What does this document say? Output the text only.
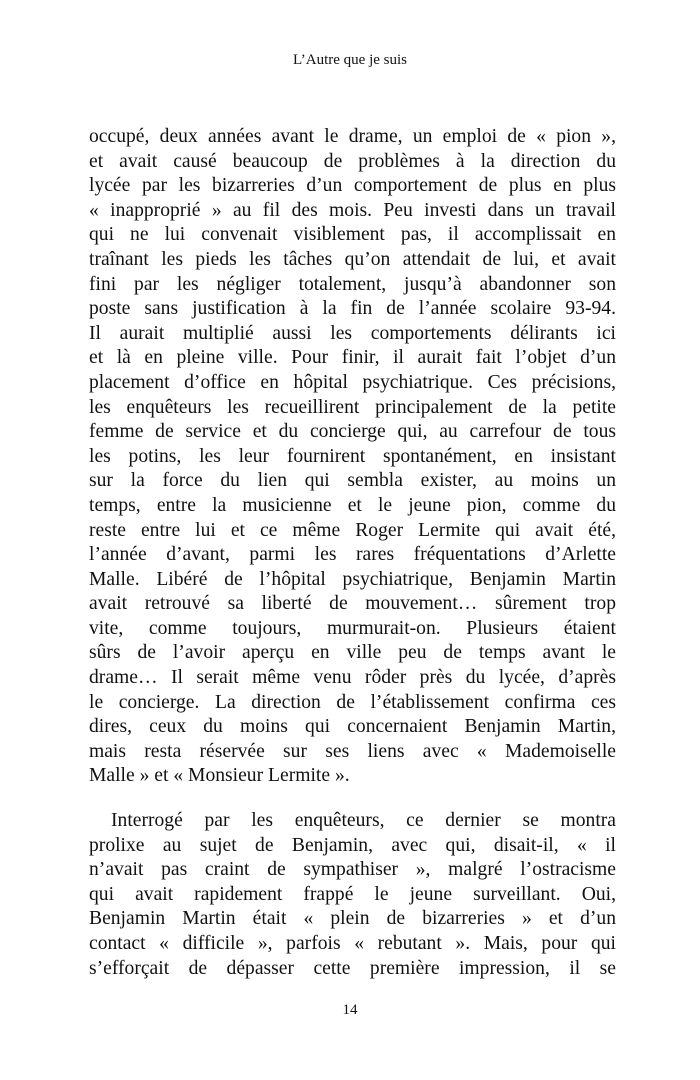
L’Autre que je suis
occupé, deux années avant le drame, un emploi de « pion »,
et avait causé beaucoup de problèmes à la direction du
lycée par les bizarreries d’un comportement de plus en plus
« inapproprié » au fil des mois. Peu investi dans un travail
qui ne lui convenait visiblement pas, il accomplissait en
traînant les pieds les tâches qu’on attendait de lui, et avait
fini par les négliger totalement, jusqu’à abandonner son
poste sans justification à la fin de l’année scolaire 93-94.
Il aurait multiplié aussi les comportements délirants ici
et là en pleine ville. Pour finir, il aurait fait l’objet d’un
placement d’office en hôpital psychiatrique. Ces précisions,
les enquêteurs les recueillirent principalement de la petite
femme de service et du concierge qui, au carrefour de tous
les potins, les leur fournirent spontanément, en insistant
sur la force du lien qui sembla exister, au moins un
temps, entre la musicienne et le jeune pion, comme du
reste entre lui et ce même Roger Lermite qui avait été,
l’année d’avant, parmi les rares fréquentations d’Arlette
Malle. Libéré de l’hôpital psychiatrique, Benjamin Martin
avait retrouvé sa liberté de mouvement… sûrement trop
vite, comme toujours, murmurait-on. Plusieurs étaient
sûrs de l’avoir aperçu en ville peu de temps avant le
drame… Il serait même venu rôder près du lycée, d’après
le concierge. La direction de l’établissement confirma ces
dires, ceux du moins qui concernaient Benjamin Martin,
mais resta réservée sur ses liens avec « Mademoiselle
Malle » et « Monsieur Lermite ».
Interrogé par les enquêteurs, ce dernier se montra
prolixe au sujet de Benjamin, avec qui, disait-il, « il
n’avait pas craint de sympathiser », malgré l’ostracisme
qui avait rapidement frappé le jeune surveillant. Oui,
Benjamin Martin était « plein de bizarreries » et d’un
contact « difficile », parfois « rebutant ». Mais, pour qui
s’efforçait de dépasser cette première impression, il se
14
